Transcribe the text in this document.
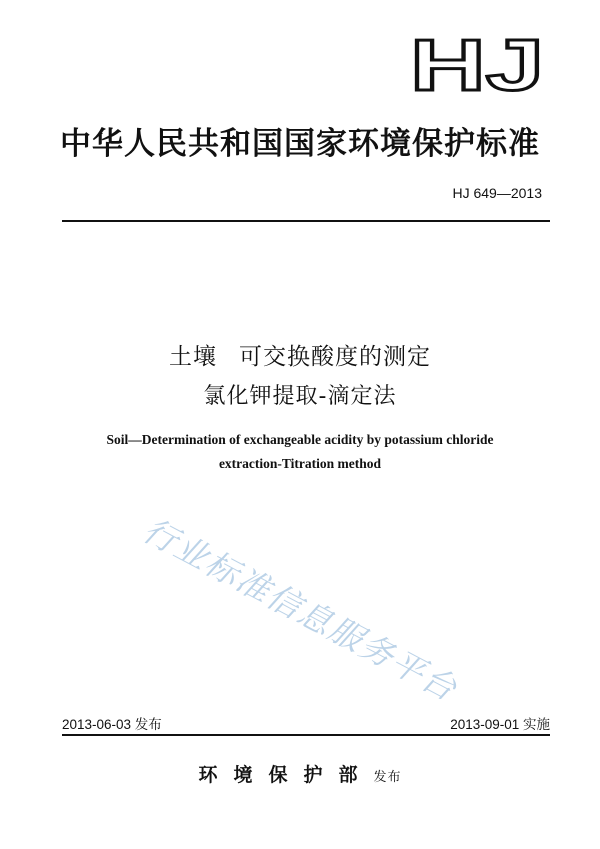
HJ
中华人民共和国国家环境保护标准
HJ 649—2013
土壤 可交换酸度的测定
氯化钾提取-滴定法
Soil—Determination of exchangeable acidity by potassium chloride
extraction-Titration method
行业标准信息服务平台
2013-06-03 发布	2013-09-01 实施
环境保护部发布
